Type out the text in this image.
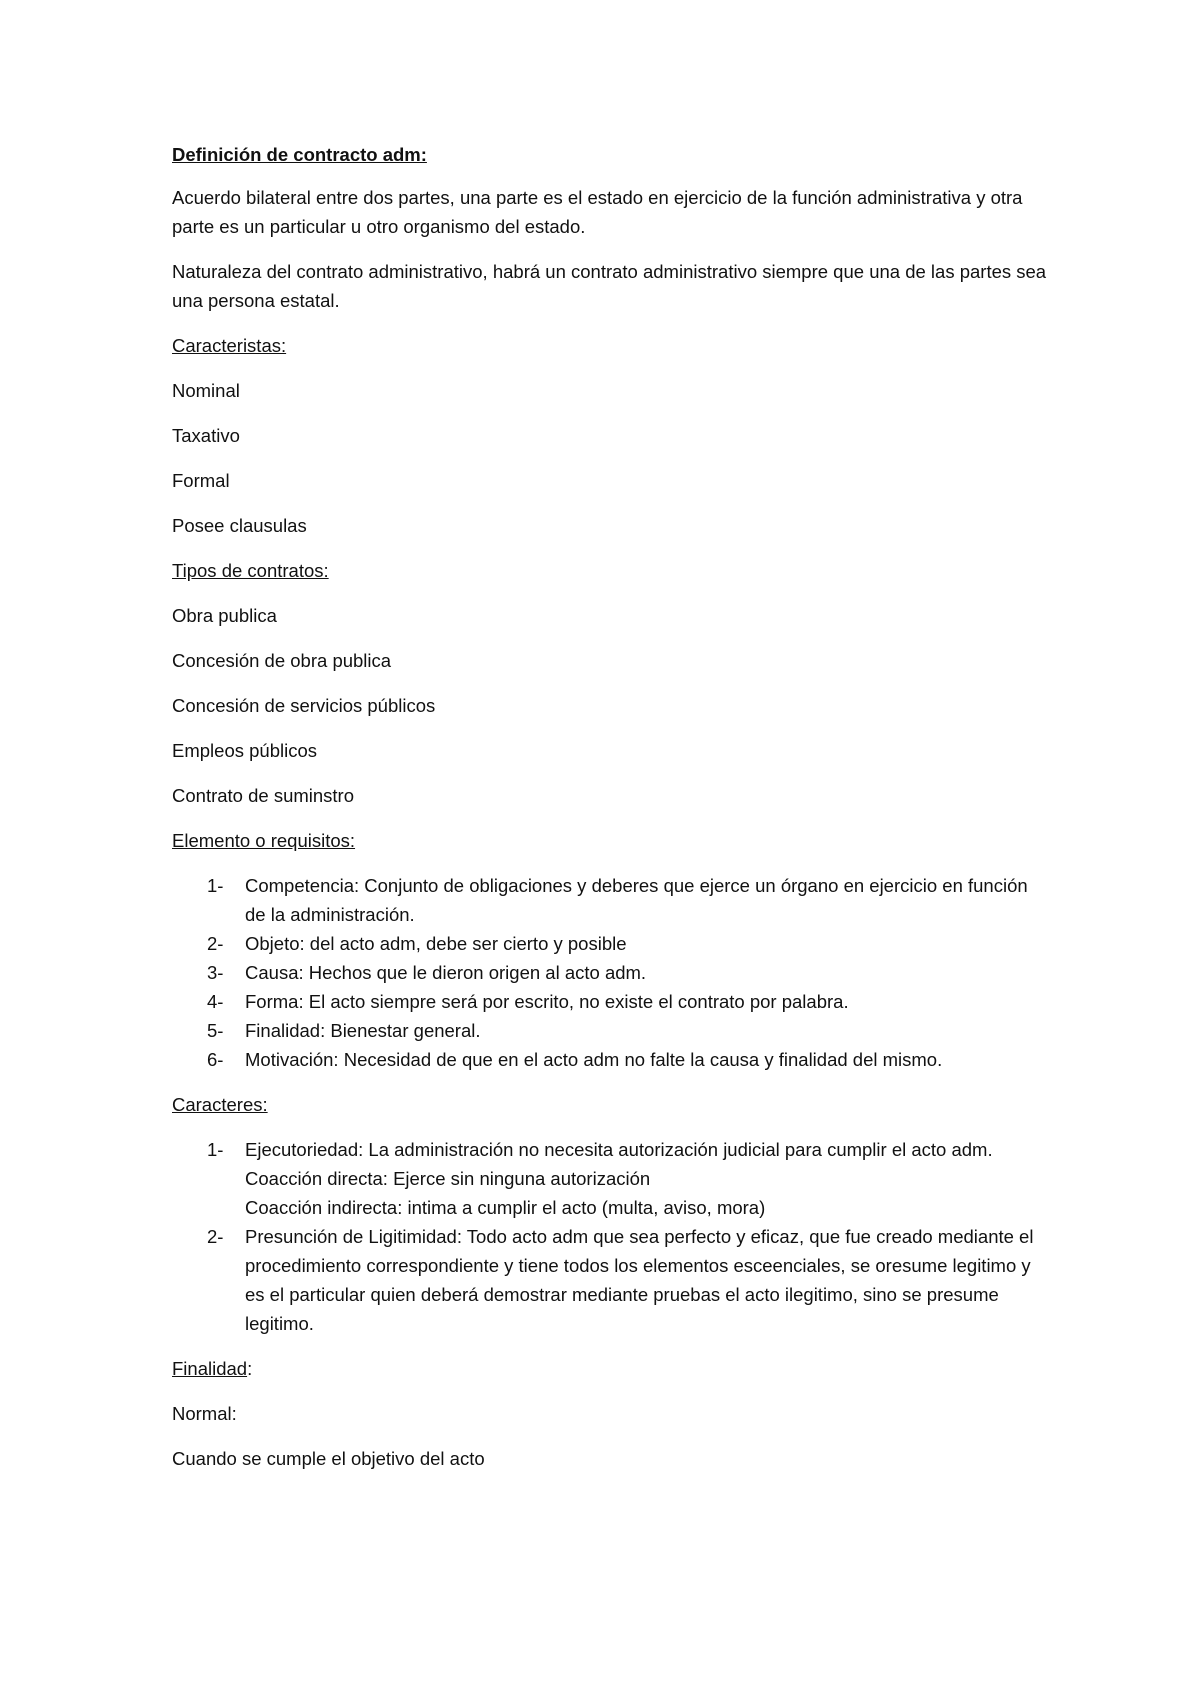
Definición de contracto adm:

Acuerdo bilateral entre dos partes, una parte es el estado en ejercicio de la función administrativa y otra parte es un particular u otro organismo del estado.

Naturaleza del contrato administrativo, habrá un contrato administrativo siempre que una de las partes sea una persona estatal.

Caracteristas:

Nominal

Taxativo

Formal

Posee clausulas

Tipos de contratos:

Obra publica

Concesión de obra publica

Concesión de servicios públicos

Empleos públicos

Contrato de suminstro

Elemento o requisitos:

1- Competencia: Conjunto de obligaciones y deberes que ejerce un órgano en ejercicio en función de la administración.
2- Objeto: del acto adm, debe ser cierto y posible
3- Causa: Hechos que le dieron origen al acto adm.
4- Forma: El acto siempre será por escrito, no existe el contrato por palabra.
5- Finalidad: Bienestar general.
6- Motivación: Necesidad de que en el acto adm no falte la causa y finalidad del mismo.

Caracteres:

1- Ejecutoriedad: La administración no necesita autorización judicial para cumplir el acto adm.
Coacción directa: Ejerce sin ninguna autorización
Coacción indirecta: intima a cumplir el acto (multa, aviso, mora)
2- Presunción de Ligitimidad: Todo acto adm que sea perfecto y eficaz, que fue creado mediante el procedimiento correspondiente y tiene todos los elementos esceenciales, se oresume legitimo y es el particular quien deberá demostrar mediante pruebas el acto ilegitimo, sino se presume legitimo.

Finalidad:

Normal:

Cuando se cumple el objetivo del acto
